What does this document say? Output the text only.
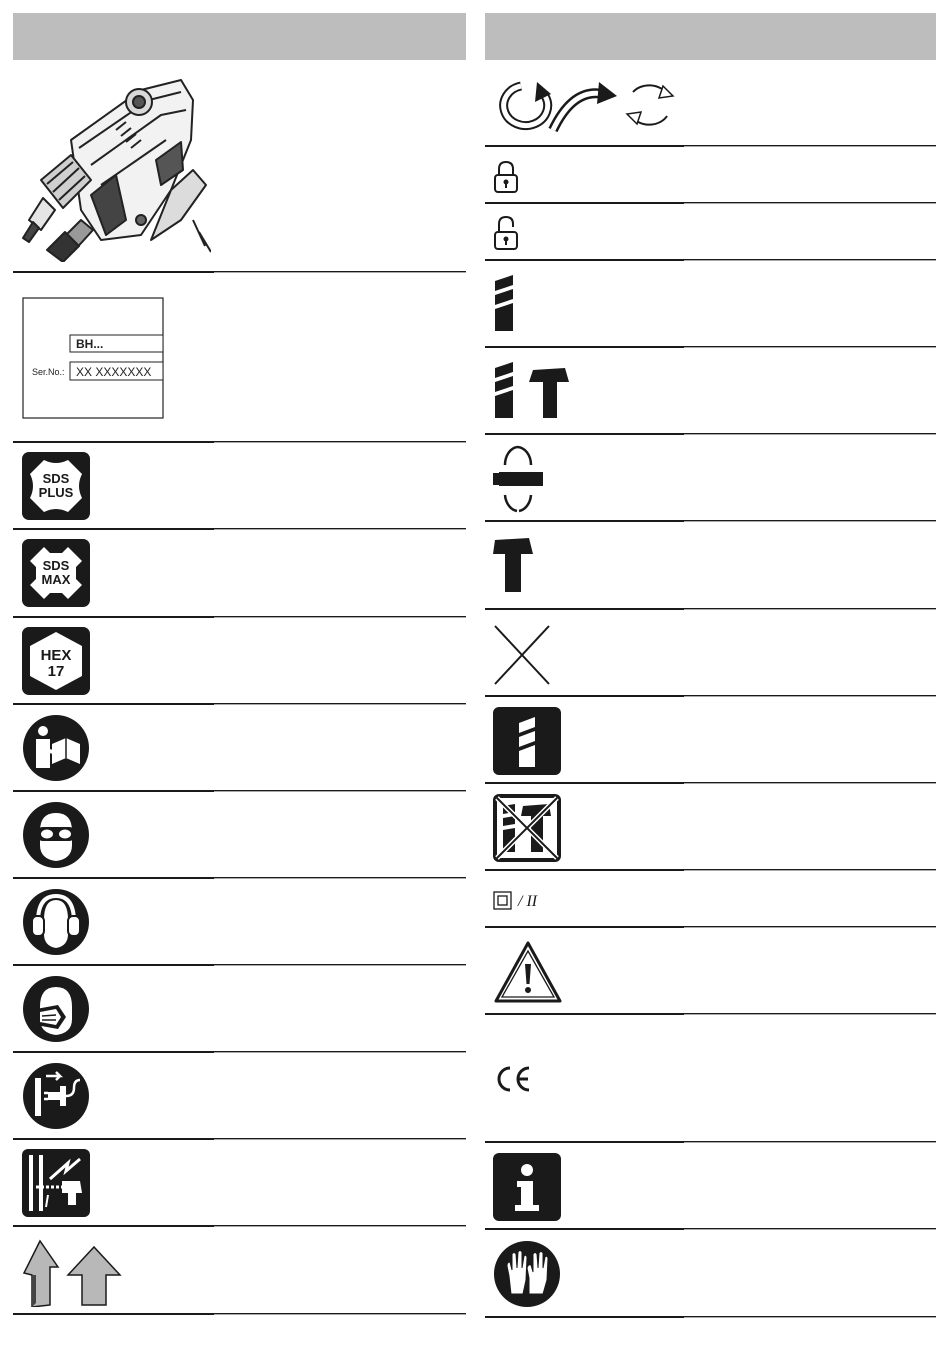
BH...
Ser.No.: XX XXXXXXX
SDS
PLUS
SDS
MAX
HEX
17
/ II
